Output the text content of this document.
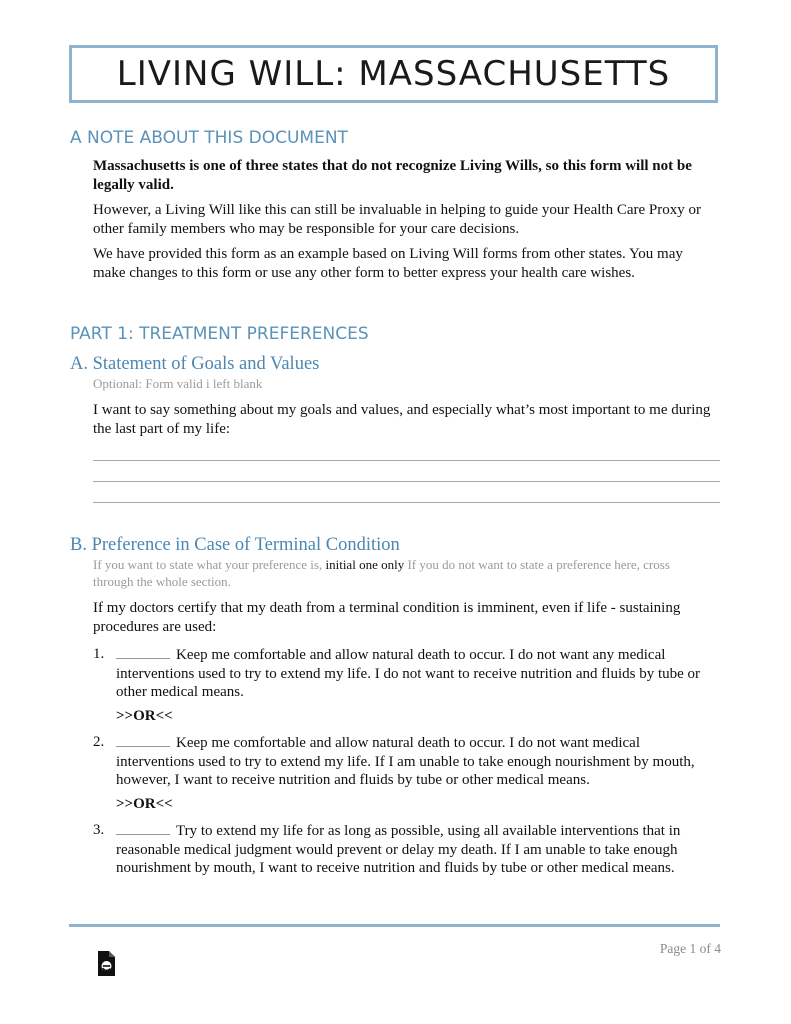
LIVING WILL: MASSACHUSETTS
A NOTE ABOUT THIS DOCUMENT

Massachusetts is one of three states that do not recognize Living Wills, so this form will not be legally valid.

However, a Living Will like this can still be invaluable in helping to guide your Health Care Proxy or other family members who may be responsible for your care decisions.

We have provided this form as an example based on Living Will forms from other states. You may make changes to this form or use any other form to better express your health care wishes.

PART 1: TREATMENT PREFERENCES
A. Statement of Goals and Values

Optional: Form valid i left blank

I want to say something about my goals and values, and especially what’s most important to me during the last part of my life:

B. Preference in Case of Terminal Condition

If you want to state what your preference is, initial one only If you do not want to state a preference here, cross through the whole section.

If my doctors certify that my death from a terminal condition is imminent, even if life - sustaining procedures are used:

1.	Keep me comfortable and allow natural death to occur. I do not want any medical interventions used to try to extend my life. I do not want to receive nutrition and fluids by tube or other medical means.

>>OR<<

2.	Keep me comfortable and allow natural death to occur. I do not want medical interventions used to try to extend my life. If I am unable to take enough nourishment by mouth, however, I want to receive nutrition and fluids by tube or other medical means.

>>OR<<

3.	Try to extend my life for as long as possible, using all available interventions that in reasonable medical judgment would prevent or delay my death. If I am unable to take enough nourishment by mouth, I want to receive nutrition and fluids by tube or other medical means.
Page 1 of 4
